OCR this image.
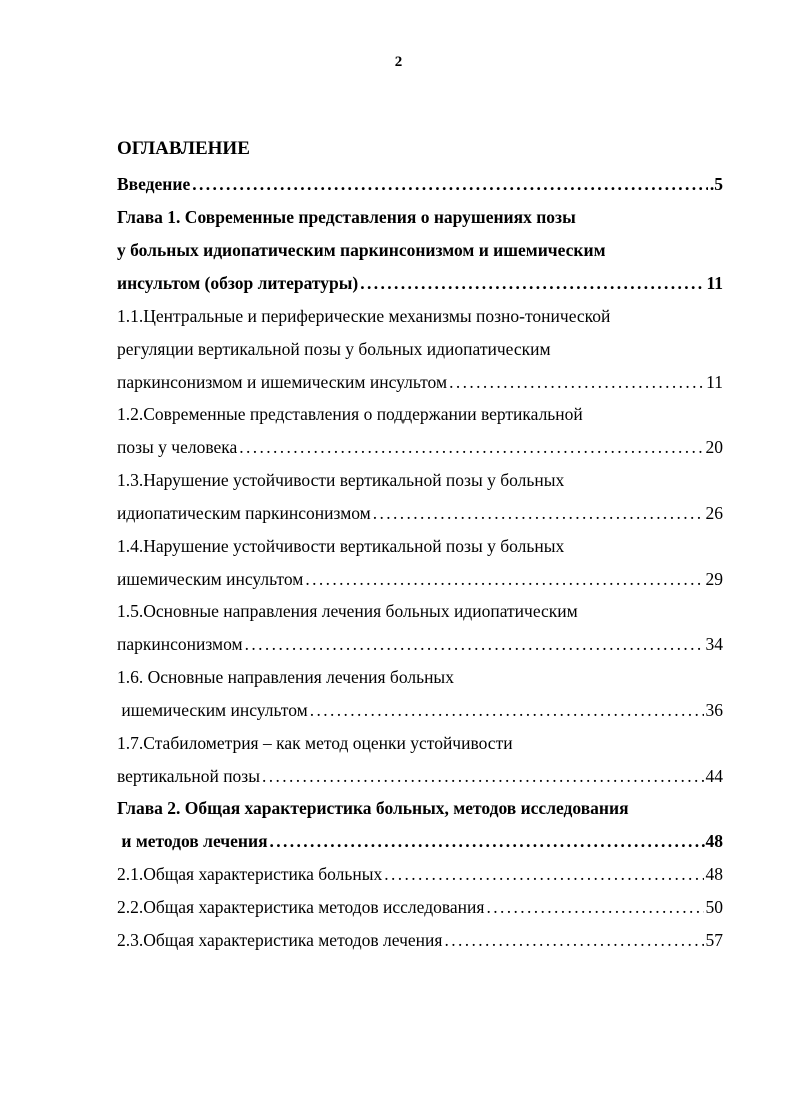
2
ОГЛАВЛЕНИЕ
Введение . . .	.5
Глава 1. Современные представления о нарушениях позы
у больных идиопатическим паркинсонизмом и ишемическим
инсультом (обзор литературы) . . .	11
1.1.Центральные и периферические механизмы позно-тонической
регуляции вертикальной позы у больных идиопатическим
паркинсонизмом и ишемическим инсультом . . .	11
1.2.Современные представления о поддержании вертикальной
позы у человека . . .	20
1.3.Нарушение устойчивости вертикальной позы у больных
идиопатическим паркинсонизмом . . .	26
1.4.Нарушение устойчивости вертикальной позы у больных
ишемическим инсультом . . .	29
1.5.Основные направления лечения больных идиопатическим
паркинсонизмом . . .	34
1.6. Основные направления лечения больных
ишемическим инсультом . . .	36
1.7.Стабилометрия – как метод оценки устойчивости
вертикальной позы . . .	44
Глава 2. Общая характеристика больных, методов исследования
и методов лечения . . .	.48
2.1.Общая характеристика больных . . .	48
2.2.Общая характеристика методов исследования . . .	50
2.3.Общая характеристика методов лечения . . .	57
